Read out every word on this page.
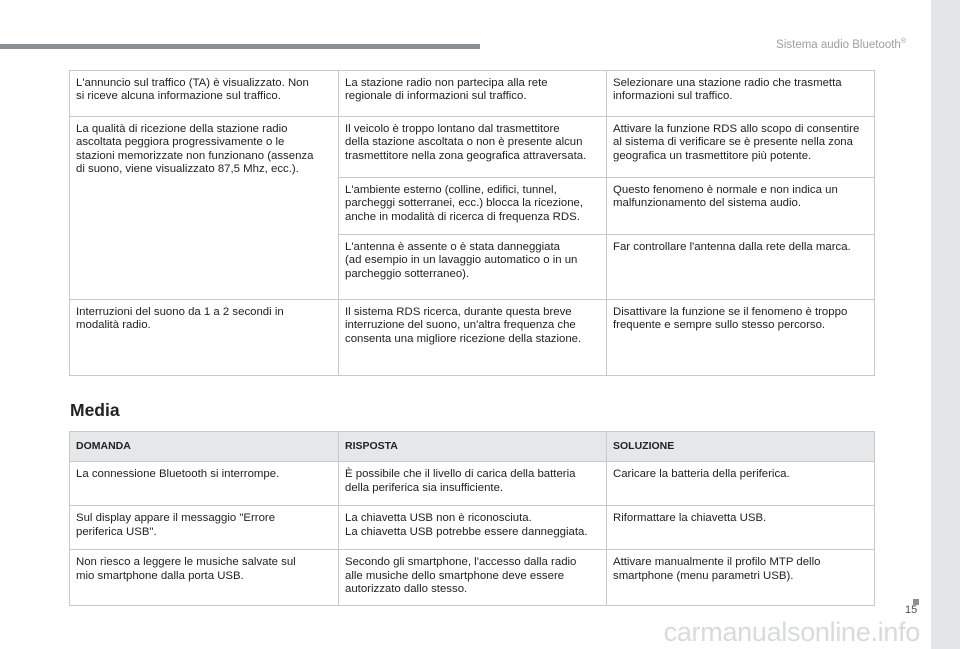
Sistema audio Bluetooth®
L'annuncio sul traffico (TA) è visualizzato. Non
si riceve alcuna informazione sul traffico.	La stazione radio non partecipa alla rete
regionale di informazioni sul traffico.	Selezionare una stazione radio che trasmetta
informazioni sul traffico.
La qualità di ricezione della stazione radio
ascoltata peggiora progressivamente o le
stazioni memorizzate non funzionano (assenza
di suono, viene visualizzato 87,5 Mhz, ecc.).	Il veicolo è troppo lontano dal trasmettitore
della stazione ascoltata o non è presente alcun
trasmettitore nella zona geografica attraversata.	Attivare la funzione RDS allo scopo di consentire
al sistema di verificare se è presente nella zona
geografica un trasmettitore più potente.
	L'ambiente esterno (colline, edifici, tunnel,
parcheggi sotterranei, ecc.) blocca la ricezione,
anche in modalità di ricerca di frequenza RDS.	Questo fenomeno è normale e non indica un
malfunzionamento del sistema audio.
	L'antenna è assente o è stata danneggiata
(ad esempio in un lavaggio automatico o in un
parcheggio sotterraneo).	Far controllare l'antenna dalla rete della marca.
Interruzioni del suono da 1 a 2 secondi in
modalità radio.	Il sistema RDS ricerca, durante questa breve
interruzione del suono, un'altra frequenza che
consenta una migliore ricezione della stazione.	Disattivare la funzione se il fenomeno è troppo
frequente e sempre sullo stesso percorso.
Media
DOMANDA	RISPOSTA	SOLUZIONE
La connessione Bluetooth si interrompe.	È possibile che il livello di carica della batteria
della periferica sia insufficiente.	Caricare la batteria della periferica.
Sul display appare il messaggio "Errore
periferica USB".	La chiavetta USB non è riconosciuta.
La chiavetta USB potrebbe essere danneggiata.	Riformattare la chiavetta USB.
Non riesco a leggere le musiche salvate sul
mio smartphone dalla porta USB.	Secondo gli smartphone, l'accesso dalla radio
alle musiche dello smartphone deve essere
autorizzato dallo stesso.	Attivare manualmente il profilo MTP dello
smartphone (menu parametri USB).
15
carmanualsonline.info
